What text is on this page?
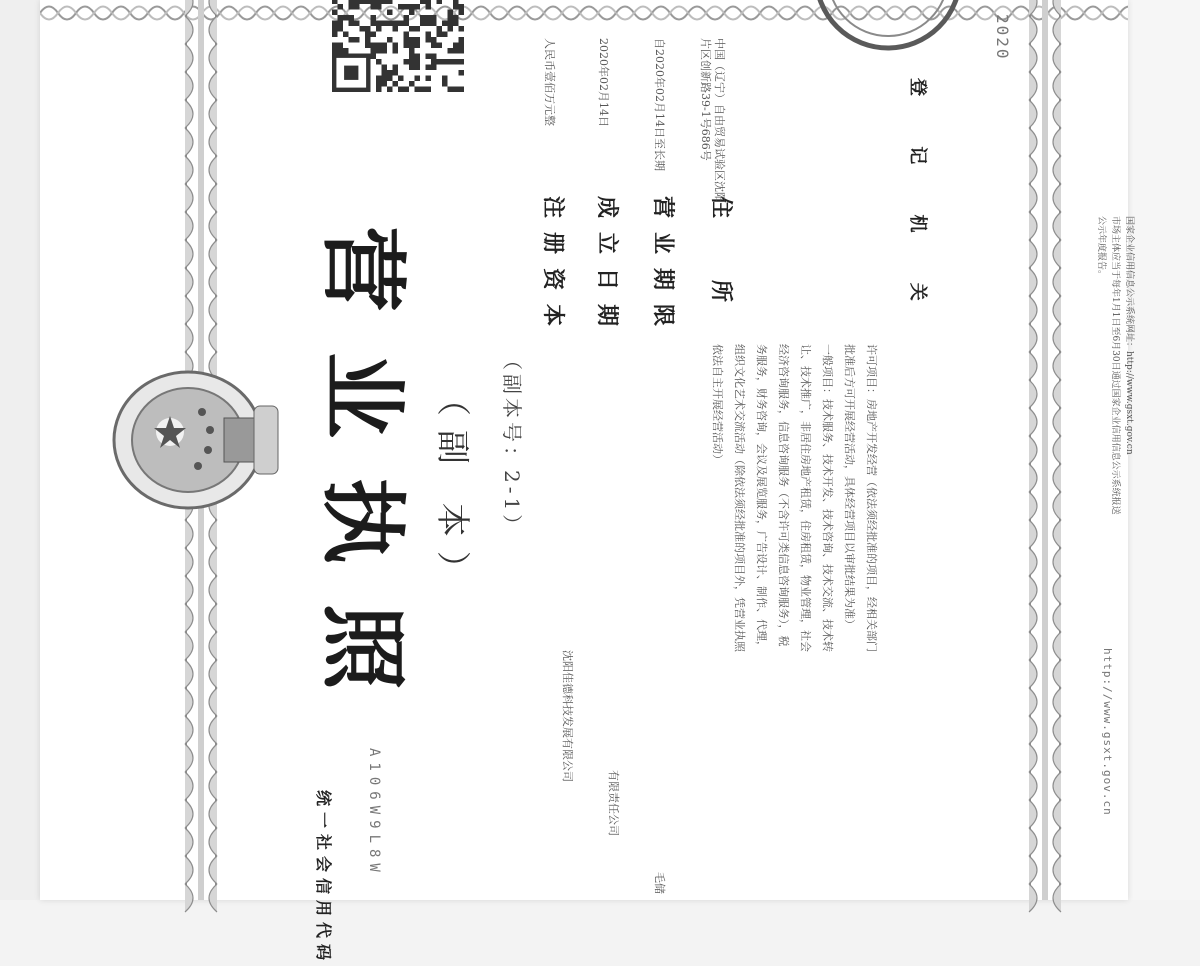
营业执照 （副 本）	（副本号：2-1）
统一社会信用代码 A106W9L8W
沈阳佳德科技发展有限公司
有限责任公司
毛储
注册资本
人民币壹佰万元整
成立日期
2020年02月14日
营业期限
自2020年02月14日至长期
住所
中国（辽宁）自由贸易试验区沈阳片区创新路39-1号686号
许可项目：房地产开发经营（依法须经批准的项目，经相关部门
批准后方可开展经营活动，具体经营项目以审批结果为准）
一般项目：技术服务、技术开发、技术咨询、技术交流、技术转
让、技术推广，非居住房地产租赁，住房租赁，物业管理，社会
经济咨询服务，信息咨询服务（不含许可类信息咨询服务），税
务服务，财务咨询，会议及展览服务，广告设计、制作、代理，
组织文化艺术交流活动（除依法须经批准的项目外，凭营业执照
依法自主开展经营活动）
登 记 机 关
2020
http://www.gsxt.gov.cn
国家企业信用信息公示系统网址：http://www.gsxt.gov.cn
市场主体应当于每年1月1日至6月30日通过国家企业信用信息公示系统报送公示年度报告。
